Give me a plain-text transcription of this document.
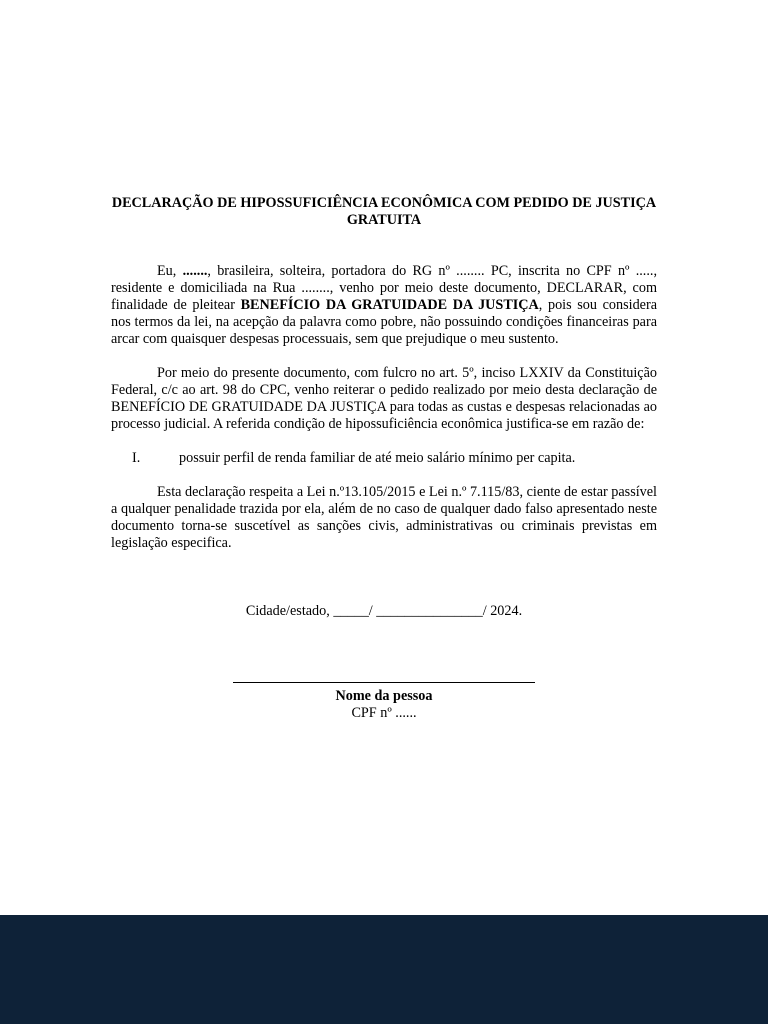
DECLARAÇÃO DE HIPOSSUFICIÊNCIA ECONÔMICA COM PEDIDO DE JUSTIÇA GRATUITA

Eu, ......., brasileira, solteira, portadora do RG nº ........ PC, inscrita no CPF nº ....., residente e domiciliada na Rua ........, venho por meio deste documento, DECLARAR, com finalidade de pleitear BENEFÍCIO DA GRATUIDADE DA JUSTIÇA, pois sou considera nos termos da lei, na acepção da palavra como pobre, não possuindo condições financeiras para arcar com quaisquer despesas processuais, sem que prejudique o meu sustento.

Por meio do presente documento, com fulcro no art. 5º, inciso LXXIV da Constituição Federal, c/c ao art. 98 do CPC, venho reiterar o pedido realizado por meio desta declaração de BENEFÍCIO DE GRATUIDADE DA JUSTIÇA para todas as custas e despesas relacionadas ao processo judicial. A referida condição de hipossuficiência econômica justifica-se em razão de:

I.	possuir perfil de renda familiar de até meio salário mínimo per capita.

Esta declaração respeita a Lei n.º13.105/2015 e Lei n.º 7.115/83, ciente de estar passível a qualquer penalidade trazida por ela, além de no caso de qualquer dado falso apresentado neste documento torna-se suscetível as sanções civis, administrativas ou criminais previstas em legislação especifica.

Cidade/estado, _____/ _______________/ 2024.
Nome da pessoa
CPF nº ......
